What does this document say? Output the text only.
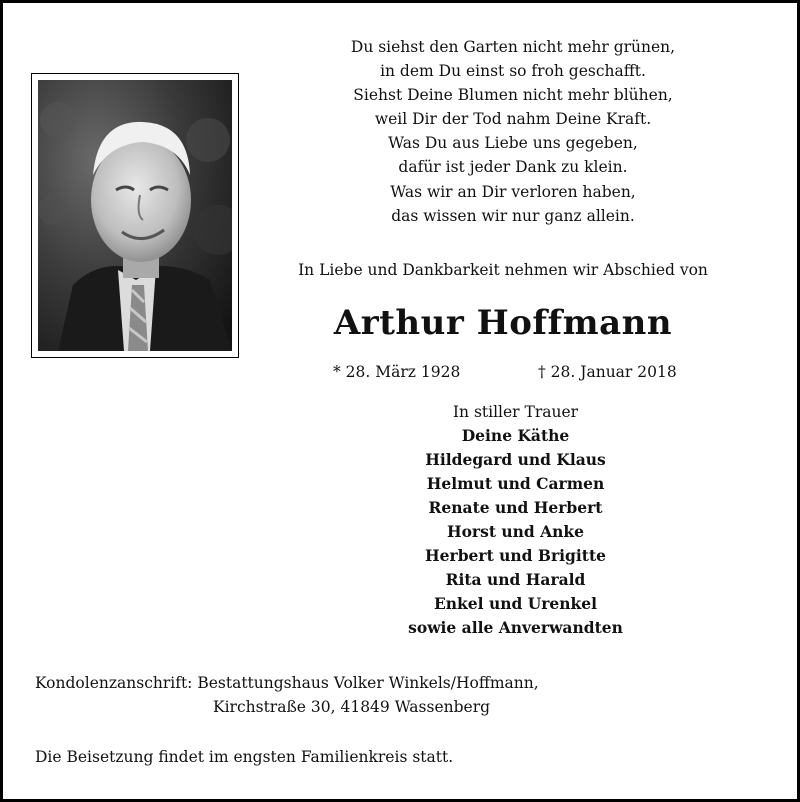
Du siehst den Garten nicht mehr grünen,
in dem Du einst so froh geschafft.
Siehst Deine Blumen nicht mehr blühen,
weil Dir der Tod nahm Deine Kraft.
Was Du aus Liebe uns gegeben,
dafür ist jeder Dank zu klein.
Was wir an Dir verloren haben,
das wissen wir nur ganz allein.
In Liebe und Dankbarkeit nehmen wir Abschied von
Arthur Hoffmann
* 28. März 1928	† 28. Januar 2018
In stiller Trauer
Deine Käthe
Hildegard und Klaus
Helmut und Carmen
Renate und Herbert
Horst und Anke
Herbert und Brigitte
Rita und Harald
Enkel und Urenkel
sowie alle Anverwandten
Kondolenzanschrift: Bestattungshaus Volker Winkels/Hoffmann,
Kirchstraße 30, 41849 Wassenberg
Die Beisetzung findet im engsten Familienkreis statt.
